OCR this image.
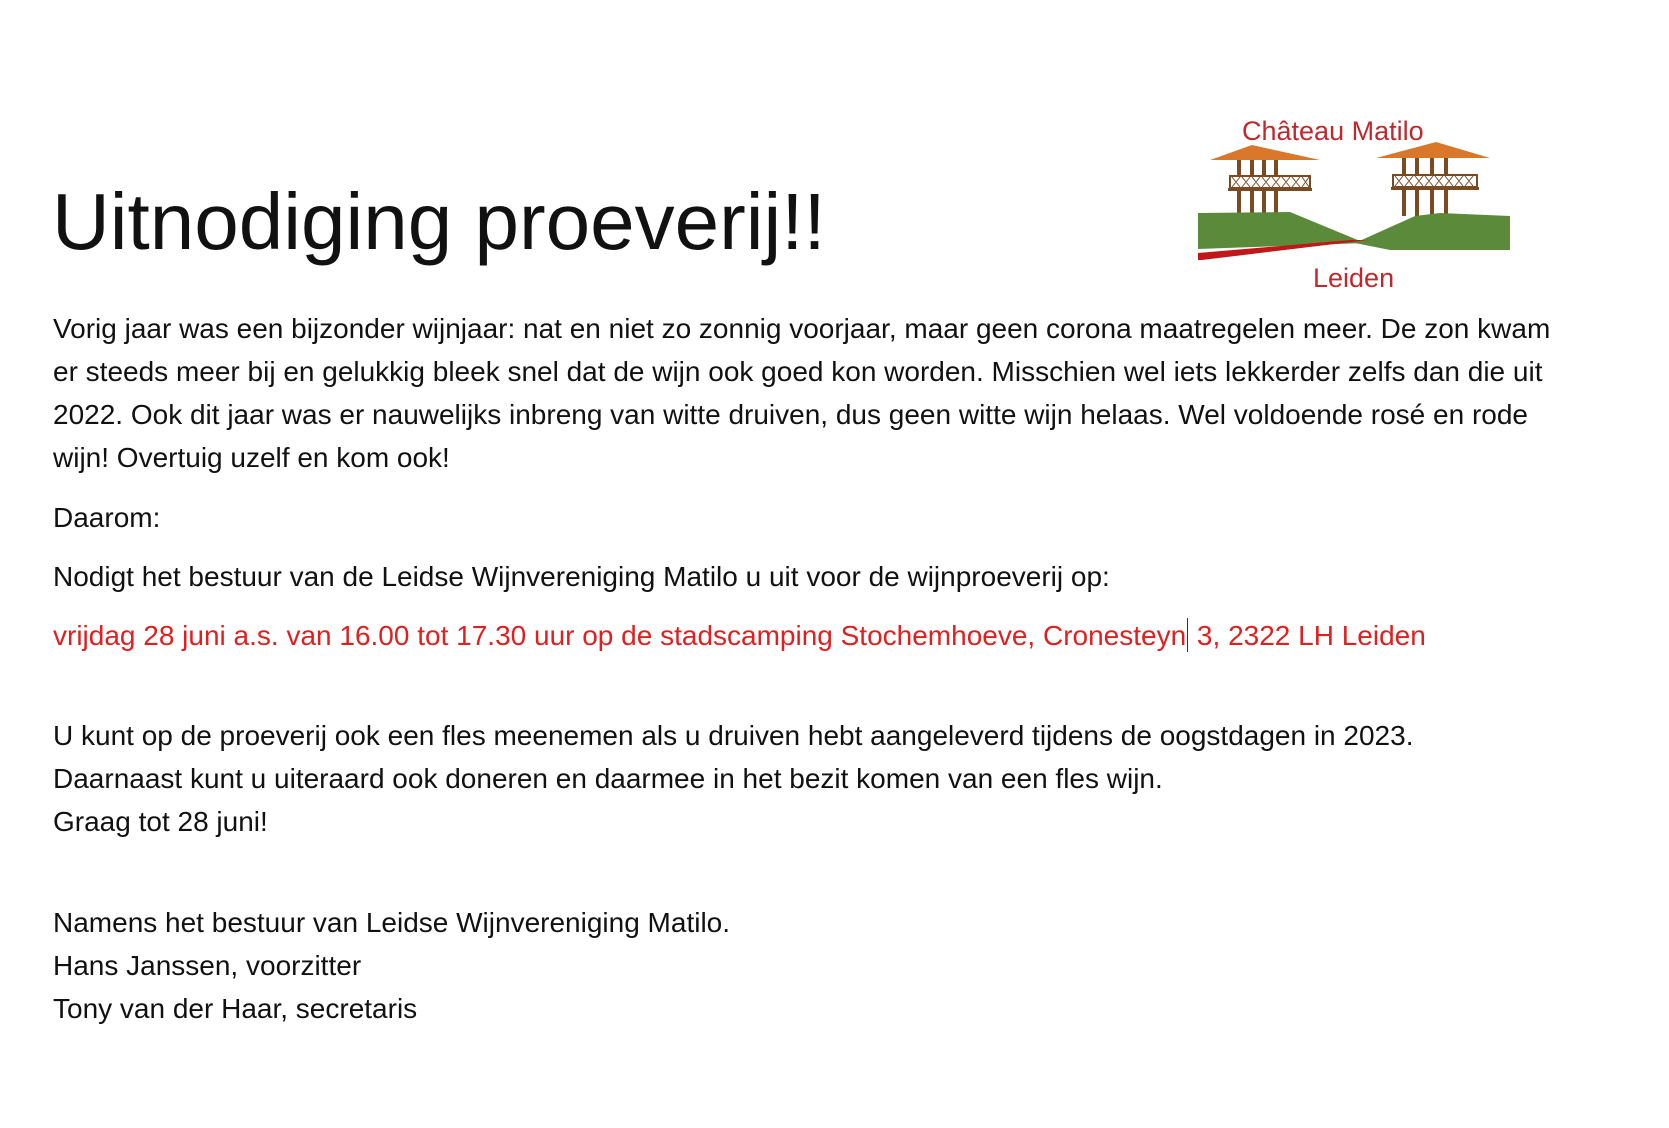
Uitnodiging proeverij!!
Château Matilo
Leiden

Vorig jaar was een bijzonder wijnjaar: nat en niet zo zonnig voorjaar, maar geen corona maatregelen meer. De zon kwam er steeds meer bij en gelukkig bleek snel dat de wijn ook goed kon worden. Misschien wel iets lekkerder zelfs dan die uit 2022. Ook dit jaar was er nauwelijks inbreng van witte druiven, dus geen witte wijn helaas. Wel voldoende rosé en rode wijn! Overtuig uzelf en kom ook!

Daarom:

Nodigt het bestuur van de Leidse Wijnvereniging Matilo u uit voor de wijnproeverij op:

vrijdag 28 juni a.s. van 16.00 tot 17.30 uur op de stadscamping Stochemhoeve, Cronesteyn 3, 2322 LH Leiden

U kunt op de proeverij ook een fles meenemen als u druiven hebt aangeleverd tijdens de oogstdagen in 2023.
Daarnaast kunt u uiteraard ook doneren en daarmee in het bezit komen van een fles wijn.
Graag tot 28 juni!

Namens het bestuur van Leidse Wijnvereniging Matilo.
Hans Janssen, voorzitter
Tony van der Haar, secretaris
